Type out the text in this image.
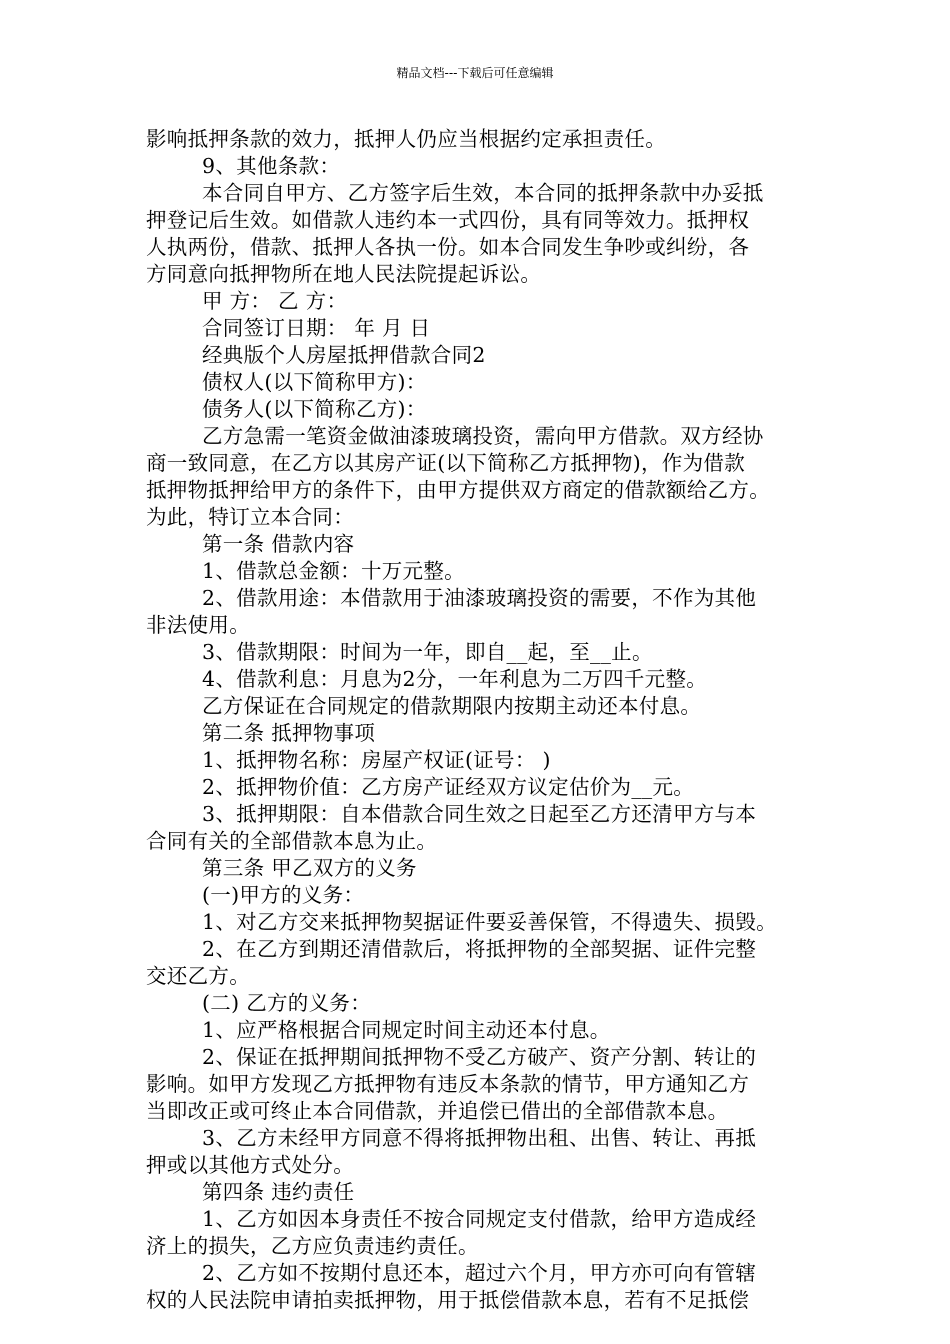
精品文档---下载后可任意编辑
影响抵押条款的效力，抵押人仍应当根据约定承担责任。
9、其他条款：
本合同自甲方、乙方签字后生效，本合同的抵押条款中办妥抵
押登记后生效。如借款人违约本一式四份，具有同等效力。抵押权
人执两份，借款、抵押人各执一份。如本合同发生争吵或纠纷，各
方同意向抵押物所在地人民法院提起诉讼。
甲 方： 乙 方：
合同签订日期： 年 月 日
经典版个人房屋抵押借款合同2
债权人(以下简称甲方)：
债务人(以下简称乙方)：
乙方急需一笔资金做油漆玻璃投资，需向甲方借款。双方经协
商一致同意，在乙方以其房产证(以下简称乙方抵押物)，作为借款
抵押物抵押给甲方的条件下，由甲方提供双方商定的借款额给乙方。
为此，特订立本合同：
第一条 借款内容
1、借款总金额：十万元整。
2、借款用途：本借款用于油漆玻璃投资的需要，不作为其他
非法使用。
3、借款期限：时间为一年，即自__起，至__止。
4、借款利息：月息为2分，一年利息为二万四千元整。
乙方保证在合同规定的借款期限内按期主动还本付息。
第二条 抵押物事项
1、抵押物名称：房屋产权证(证号： )
2、抵押物价值：乙方房产证经双方议定估价为__元。
3、抵押期限：自本借款合同生效之日起至乙方还清甲方与本
合同有关的全部借款本息为止。
第三条 甲乙双方的义务
(一)甲方的义务：
1、对乙方交来抵押物契据证件要妥善保管，不得遗失、损毁。
2、在乙方到期还清借款后，将抵押物的全部契据、证件完整
交还乙方。
(二) 乙方的义务：
1、应严格根据合同规定时间主动还本付息。
2、保证在抵押期间抵押物不受乙方破产、资产分割、转让的
影响。如甲方发现乙方抵押物有违反本条款的情节，甲方通知乙方
当即改正或可终止本合同借款，并追偿已借出的全部借款本息。
3、乙方未经甲方同意不得将抵押物出租、出售、转让、再抵
押或以其他方式处分。
第四条 违约责任
1、乙方如因本身责任不按合同规定支付借款，给甲方造成经
济上的损失，乙方应负责违约责任。
2、乙方如不按期付息还本，超过六个月，甲方亦可向有管辖
权的人民法院申请拍卖抵押物，用于抵偿借款本息，若有不足抵偿
